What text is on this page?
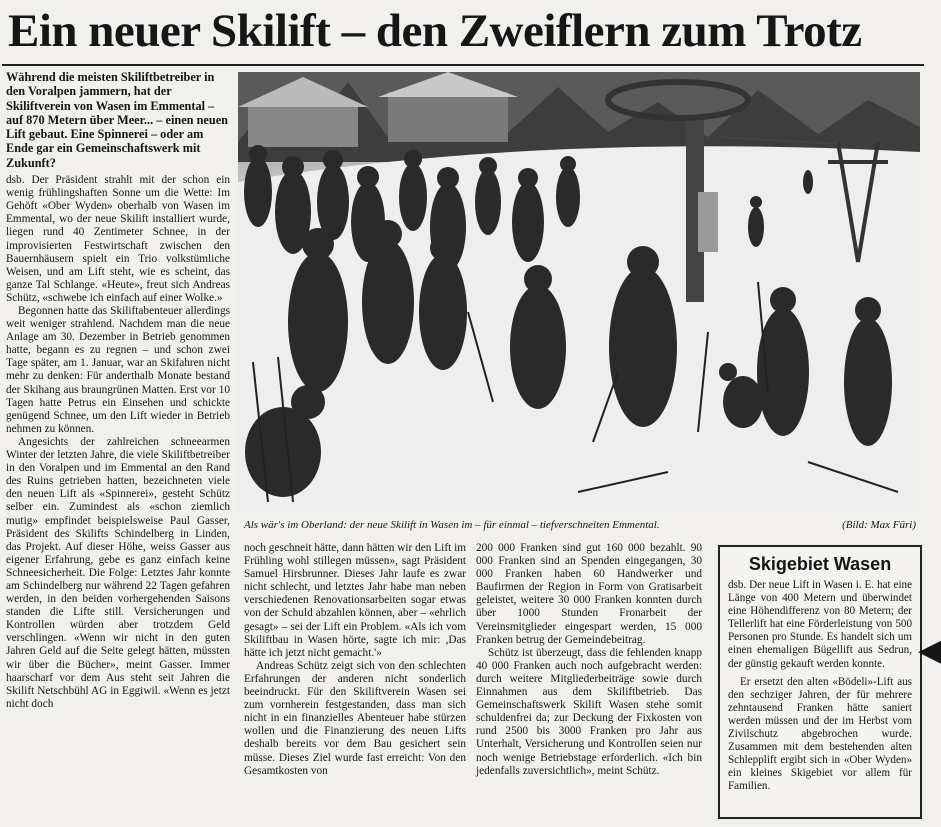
Ein neuer Skilift – den Zweiflern zum Trotz
Während die meisten Skiliftbetreiber in den Voralpen jammern, hat der Skiliftverein von Wasen im Emmental – auf 870 Metern über Meer... – einen neuen Lift gebaut. Eine Spinnerei – oder am Ende gar ein Gemeinschaftswerk mit Zukunft?

dsb. Der Präsident strahlt mit der schon ein wenig frühlingshaften Sonne um die Wette: Im Gehöft «Ober Wyden» oberhalb von Wasen im Emmental, wo der neue Skilift installiert wurde, liegen rund 40 Zentimeter Schnee, in der improvisierten Festwirtschaft zwischen den Bauernhäusern spielt ein Trio volkstümliche Weisen, und am Lift steht, wie es scheint, das ganze Tal Schlange. «Heute», freut sich Andreas Schütz, «schwebe ich einfach auf einer Wolke.»

Begonnen hatte das Skiliftabenteuer allerdings weit weniger strahlend. Nachdem man die neue Anlage am 30. Dezember in Betrieb genommen hatte, begann es zu regnen – und schon zwei Tage später, am 1. Januar, war an Skifahren nicht mehr zu denken: Für anderthalb Monate bestand der Skihang aus braungrünen Matten. Erst vor 10 Tagen hatte Petrus ein Einsehen und schickte genügend Schnee, um den Lift wieder in Betrieb nehmen zu können.

Angesichts der zahlreichen schneearmen Winter der letzten Jahre, die viele Skiliftbetreiber in den Voralpen und im Emmental an den Rand des Ruins getrieben hatten, bezeichneten viele den neuen Lift als «Spinnerei», gesteht Schütz selber ein. Zumindest als «schon ziemlich mutig» empfindet beispielsweise Paul Gasser, Präsident des Skilifts Schindelberg in Linden, das Projekt. Auf dieser Höhe, weiss Gasser aus eigener Erfahrung, gebe es ganz einfach keine Schneesicherheit. Die Folge: Letztes Jahr konnte am Schindelberg nur während 22 Tagen gefahren werden, in den beiden vorhergehenden Saisons standen die Lifte still. Versicherungen und Kontrollen würden aber trotzdem Geld verschlingen. «Wenn wir nicht in den guten Jahren Geld auf die Seite gelegt hätten, müssten wir über die Bücher», meint Gasser. Immer haarscharf vor dem Aus steht seit Jahren die Skilift Netschbühl AG in Eggiwil. «Wenn es jetzt nicht doch

Als wär's im Oberland: der neue Skilift in Wasen im – für einmal – tiefverschneiten Emmental.	(Bild: Max Füri)

noch geschneit hätte, dann hätten wir den Lift im Frühling wohl stillegen müssen», sagt Präsident Samuel Hirsbrunner. Dieses Jahr laufe es zwar nicht schlecht, und letztes Jahr habe man neben verschiedenen Renovationsarbeiten sogar etwas von der Schuld abzahlen können, aber – «ehrlich gesagt» – sei der Lift ein Problem. «Als ich vom Skiliftbau in Wasen hörte, sagte ich mir: ,Das hätte ich jetzt nicht gemacht.'»

Andreas Schütz zeigt sich von den schlechten Erfahrungen der anderen nicht sonderlich beeindruckt. Für den Skiliftverein Wasen sei zum vornherein festgestanden, dass man sich nicht in ein finanzielles Abenteuer habe stürzen wollen und die Finanzierung des neuen Lifts deshalb bereits vor dem Bau gesichert sein müsse. Dieses Ziel wurde fast erreicht: Von den Gesamtkosten von

200 000 Franken sind gut 160 000 bezahlt. 90 000 Franken sind an Spenden eingegangen, 30 000 Franken haben 60 Handwerker und Baufirmen der Region in Form von Gratisarbeit geleistet, weitere 30 000 Franken konnten durch über 1000 Stunden Fronarbeit der Vereinsmitglieder eingespart werden, 15 000 Franken betrug der Gemeindebeitrag.

Schütz ist überzeugt, dass die fehlenden knapp 40 000 Franken auch noch aufgebracht werden: durch weitere Mitgliederbeiträge sowie durch Einnahmen aus dem Skiliftbetrieb. Das Gemeinschaftswerk Skilift Wasen stehe somit schuldenfrei da; zur Deckung der Fixkosten von rund 2500 bis 3000 Franken pro Jahr aus Unterhalt, Versicherung und Kontrollen seien nur noch wenige Betriebstage erforderlich. «Ich bin jedenfalls zuversichtlich», meint Schütz.

Skigebiet Wasen

dsb. Der neue Lift in Wasen i. E. hat eine Länge von 400 Metern und überwindet eine Höhendifferenz von 80 Metern; der Tellerlift hat eine Förderleistung von 500 Personen pro Stunde. Es handelt sich um einen ehemaligen Bügellift aus Sedrun, der günstig gekauft werden konnte.

Er ersetzt den alten «Bödeli»-Lift aus den sechziger Jahren, der für mehrere zehntausend Franken hätte saniert werden müssen und der im Herbst vom Zivilschutz abgebrochen wurde. Zusammen mit dem bestehenden alten Schlepplift ergibt sich in «Ober Wyden» ein kleines Skigebiet vor allem für Familien.

◀
